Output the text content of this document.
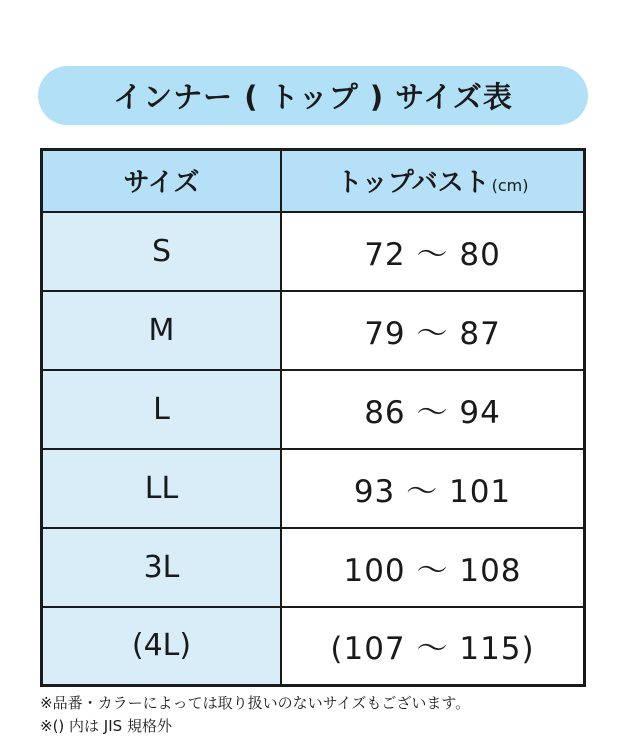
インナー ( トップ ) サイズ表
サイズ	トップバスト (cm)
S	72 〜 80
M	79 〜 87
L	86 〜 94
LL	93 〜 101
3L	100 〜 108
(4L)	(107 〜 115)
※品番・カラーによっては取り扱いのないサイズもございます。
※() 内は JIS 規格外
